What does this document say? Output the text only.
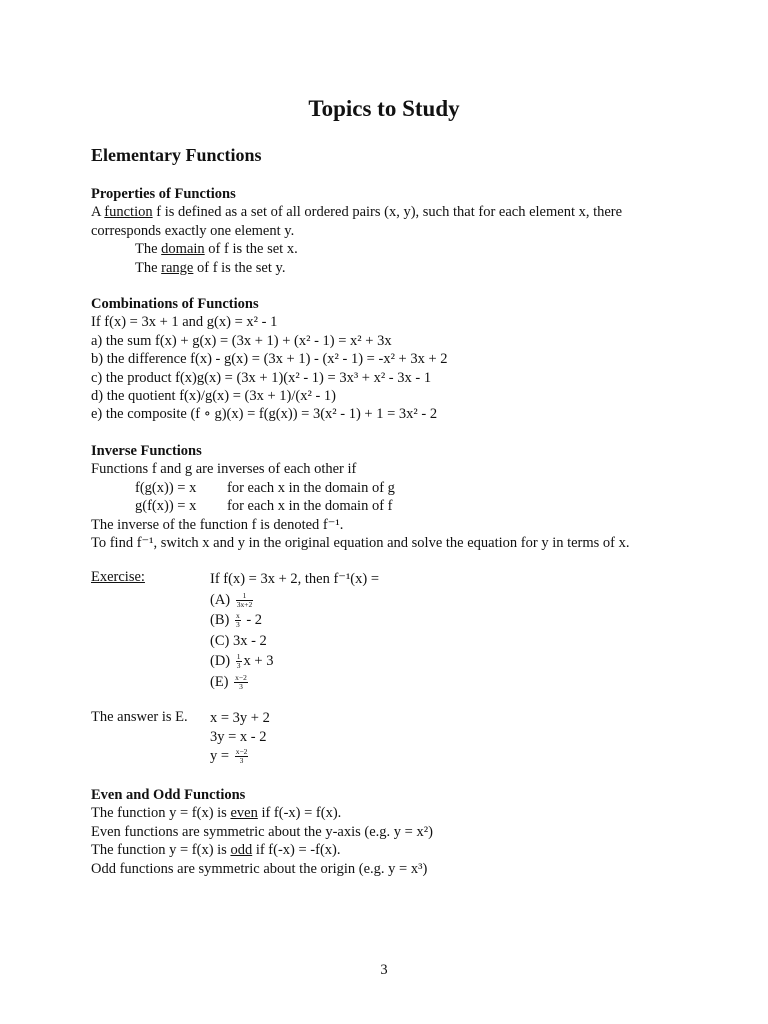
Topics to Study
Elementary Functions
Properties of Functions
A function f is defined as a set of all ordered pairs (x, y), such that for each element x, there
corresponds exactly one element y.
The domain of f is the set x.
The range of f is the set y.
Combinations of Functions
If f(x) = 3x + 1 and g(x) = x² - 1
a) the sum f(x) + g(x) = (3x + 1) + (x² - 1) = x² + 3x
b) the difference f(x) - g(x) = (3x + 1) - (x² - 1) = -x² + 3x + 2
c) the product f(x)g(x) = (3x + 1)(x² - 1) = 3x³ + x² - 3x - 1
d) the quotient f(x)/g(x) = (3x + 1)/(x² - 1)
e) the composite (f ∘ g)(x) = f(g(x)) = 3(x² - 1) + 1 = 3x² - 2
Inverse Functions
Functions f and g are inverses of each other if
f(g(x)) = x for each x in the domain of g
g(f(x)) = x for each x in the domain of f
The inverse of the function f is denoted f⁻¹.
To find f⁻¹, switch x and y in the original equation and solve the equation for y in terms of x.
Exercise:	If f(x) = 3x + 2, then f⁻¹(x) =
$(A) \frac{1}{3x+2}$
$(B) \frac{x}{3} - 2$
(C) 3x - 2
$(D) \frac{1}{3}$ x + 3
$(E) \frac{x-2}{3}$
The answer is E. x = 3y + 2
3y = x - 2
$y = \frac{x-2}{3}$
Even and Odd Functions
The function y = f(x) is even if f(-x) = f(x).
Even functions are symmetric about the y-axis (e.g. y = x²)
The function y = f(x) is odd if f(-x) = -f(x).
Odd functions are symmetric about the origin (e.g. y = x³)
3
